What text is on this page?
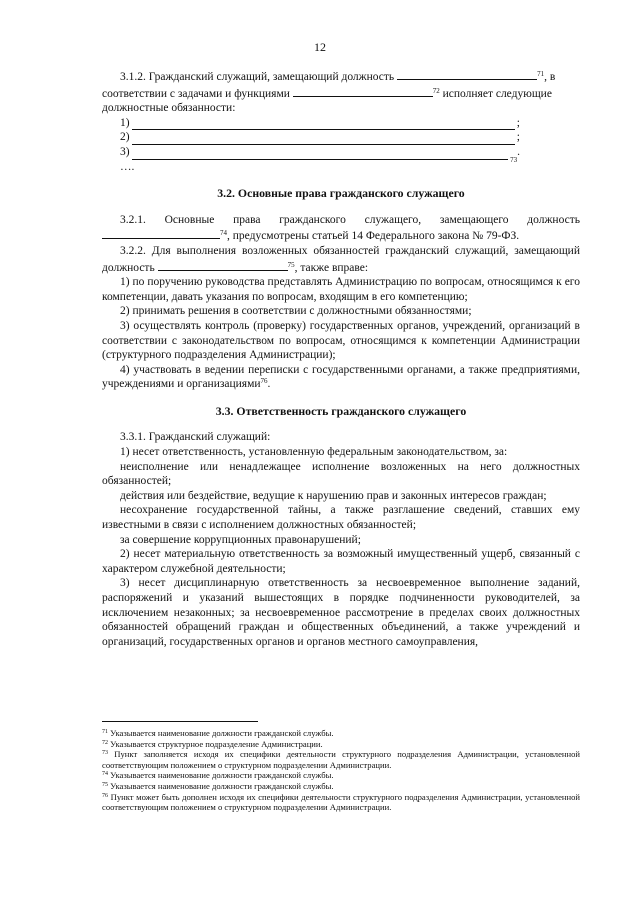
12

3.1.2. Гражданский служащий, замещающий должность	$^{71}$, в

соответствии с задачами и функциями	$^{72}$ исполняет следующие

должностные обязанности:

1)	;
2)	;
3)
73
.

….

3.2. Основные права гражданского служащего

3.2.1. Основные права гражданского служащего, замещающего должность $^{74}$, предусмотрены статьей 14 Федерального закона № 79-ФЗ.

3.2.2. Для выполнения возложенных обязанностей гражданский служащий, замещающий должность	$^{75}$, также вправе:

1) по поручению руководства представлять Администрацию по вопросам, относящимся к его компетенции, давать указания по вопросам, входящим в его компетенцию;

2) принимать решения в соответствии с должностными обязанностями;

3) осуществлять контроль (проверку) государственных органов, учреждений, организаций в соответствии с законодательством по вопросам, относящимся к компетенции Администрации (структурного подразделения Администрации);

4) участвовать в ведении переписки с государственными органами, а также предприятиями, учреждениями и организациями$^{76}$.

3.3. Ответственность гражданского служащего

3.3.1. Гражданский служащий:

1) несет ответственность, установленную федеральным законодательством, за:

неисполнение или ненадлежащее исполнение возложенных на него должностных обязанностей;

действия или бездействие, ведущие к нарушению прав и законных интересов граждан;

несохранение государственной тайны, а также разглашение сведений, ставших ему известными в связи с исполнением должностных обязанностей;

за совершение коррупционных правонарушений;

2) несет материальную ответственность за возможный имущественный ущерб, связанный с характером служебной деятельности;

3) несет дисциплинарную ответственность за несвоевременное выполнение заданий, распоряжений и указаний вышестоящих в порядке подчиненности руководителей, за исключением незаконных; за несвоевременное рассмотрение в пределах своих должностных обязанностей обращений граждан и общественных объединений, а также учреждений и организаций, государственных органов и органов местного самоуправления,

$^{71}$ Указывается наименование должности гражданской службы.

$^{72}$ Указывается структурное подразделение Администрации.

$^{73}$ Пункт заполняется исходя их специфики деятельности структурного подразделения Администрации, установленной соответствующим положением о структурном подразделении Администрации.

$^{74}$ Указывается наименование должности гражданской службы.

$^{75}$ Указывается наименование должности гражданской службы.

$^{76}$ Пункт может быть дополнен исходя их специфики деятельности структурного подразделения Администрации, установленной соответствующим положением о структурном подразделении Администрации.
